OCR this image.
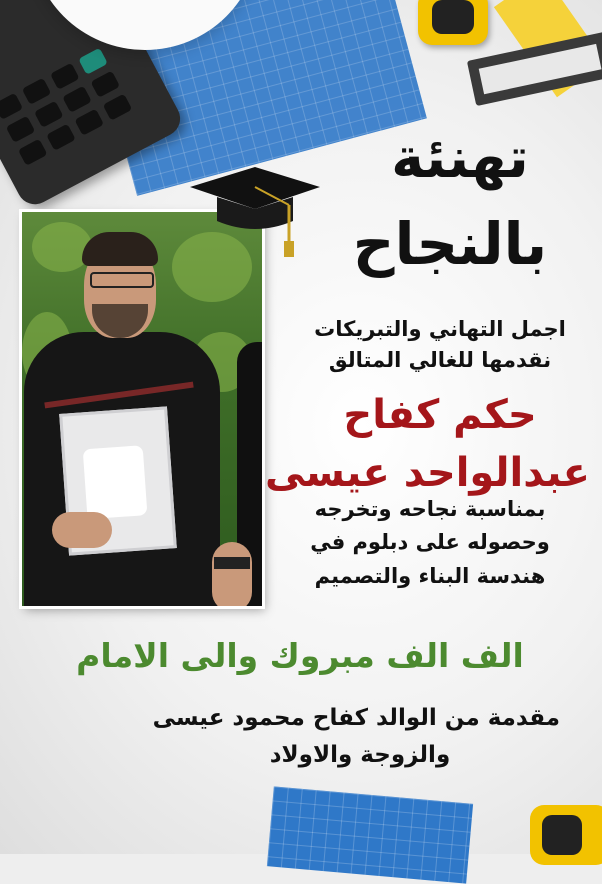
تهنئة
بالنجاح
اجمل التهاني والتبريكات
نقدمها للغالي المتالق
حكم كفاح
عبدالواحد عيسى
بمناسبة نجاحه وتخرجه
وحصوله على دبلوم في
هندسة البناء والتصميم
الف الف مبروك والى الامام
مقدمة من الوالد كفاح محمود عيسى
والزوجة والاولاد
